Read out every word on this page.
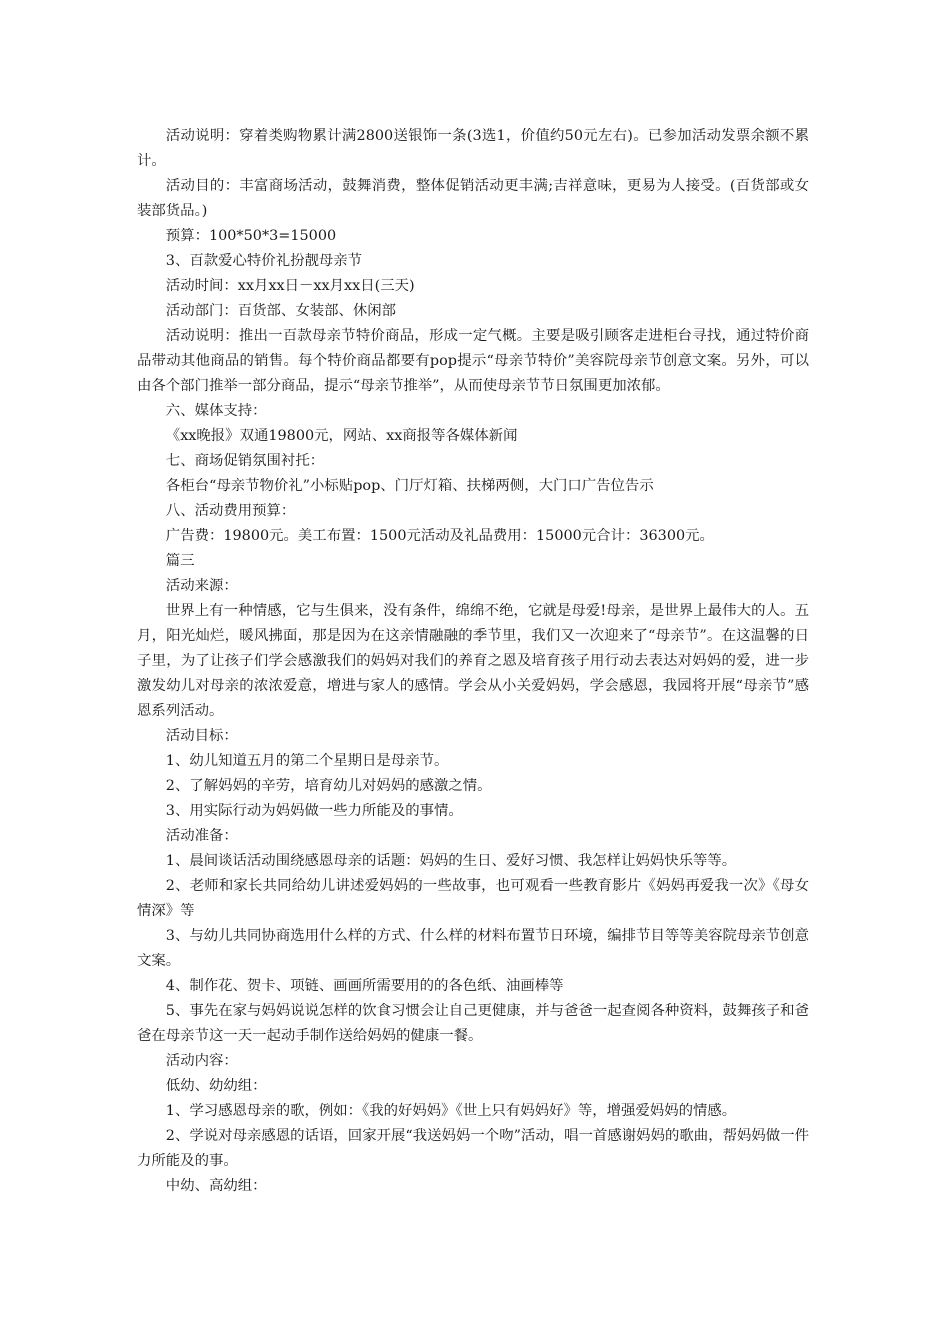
活动说明：穿着类购物累计满2800送银饰一条(3选1，价值约50元左右)。已参加活动发票余额不累计。

活动目的：丰富商场活动，鼓舞消费，整体促销活动更丰满;吉祥意味，更易为人接受。(百货部或女装部货品。)

预算：100*50*3=15000

3、百款爱心特价礼扮靓母亲节

活动时间：xx月xx日－xx月xx日(三天)

活动部门：百货部、女装部、休闲部

活动说明：推出一百款母亲节特价商品，形成一定气概。主要是吸引顾客走进柜台寻找，通过特价商品带动其他商品的销售。每个特价商品都要有pop提示“母亲节特价”美容院母亲节创意文案。另外，可以由各个部门推举一部分商品，提示“母亲节推举”，从而使母亲节节日氛围更加浓郁。

六、媒体支持：

《xx晚报》双通19800元，网站、xx商报等各媒体新闻

七、商场促销氛围衬托：

各柜台“母亲节物价礼”小标贴pop、门厅灯箱、扶梯两侧，大门口广告位告示

八、活动费用预算：

广告费：19800元。美工布置：1500元活动及礼品费用：15000元合计：36300元。

篇三

活动来源：

世界上有一种情感，它与生俱来，没有条件，绵绵不绝，它就是母爱!母亲，是世界上最伟大的人。五月，阳光灿烂，暖风拂面，那是因为在这亲情融融的季节里，我们又一次迎来了“母亲节”。在这温馨的日子里，为了让孩子们学会感激我们的妈妈对我们的养育之恩及培育孩子用行动去表达对妈妈的爱，进一步激发幼儿对母亲的浓浓爱意，增进与家人的感情。学会从小关爱妈妈，学会感恩，我园将开展“母亲节”感恩系列活动。

活动目标：

1、幼儿知道五月的第二个星期日是母亲节。

2、了解妈妈的辛劳，培育幼儿对妈妈的感激之情。

3、用实际行动为妈妈做一些力所能及的事情。

活动准备：

1、晨间谈话活动围绕感恩母亲的话题：妈妈的生日、爱好习惯、我怎样让妈妈快乐等等。

2、老师和家长共同给幼儿讲述爱妈妈的一些故事，也可观看一些教育影片《妈妈再爱我一次》《母女情深》等

3、与幼儿共同协商选用什么样的方式、什么样的材料布置节日环境，编排节目等等美容院母亲节创意文案。

4、制作花、贺卡、项链、画画所需要用的的各色纸、油画棒等

5、事先在家与妈妈说说怎样的饮食习惯会让自己更健康，并与爸爸一起查阅各种资料，鼓舞孩子和爸爸在母亲节这一天一起动手制作送给妈妈的健康一餐。

活动内容：

低幼、幼幼组：

1、学习感恩母亲的歌，例如：《我的好妈妈》《世上只有妈妈好》等，增强爱妈妈的情感。

2、学说对母亲感恩的话语，回家开展“我送妈妈一个吻”活动，唱一首感谢妈妈的歌曲，帮妈妈做一件力所能及的事。

中幼、高幼组：
